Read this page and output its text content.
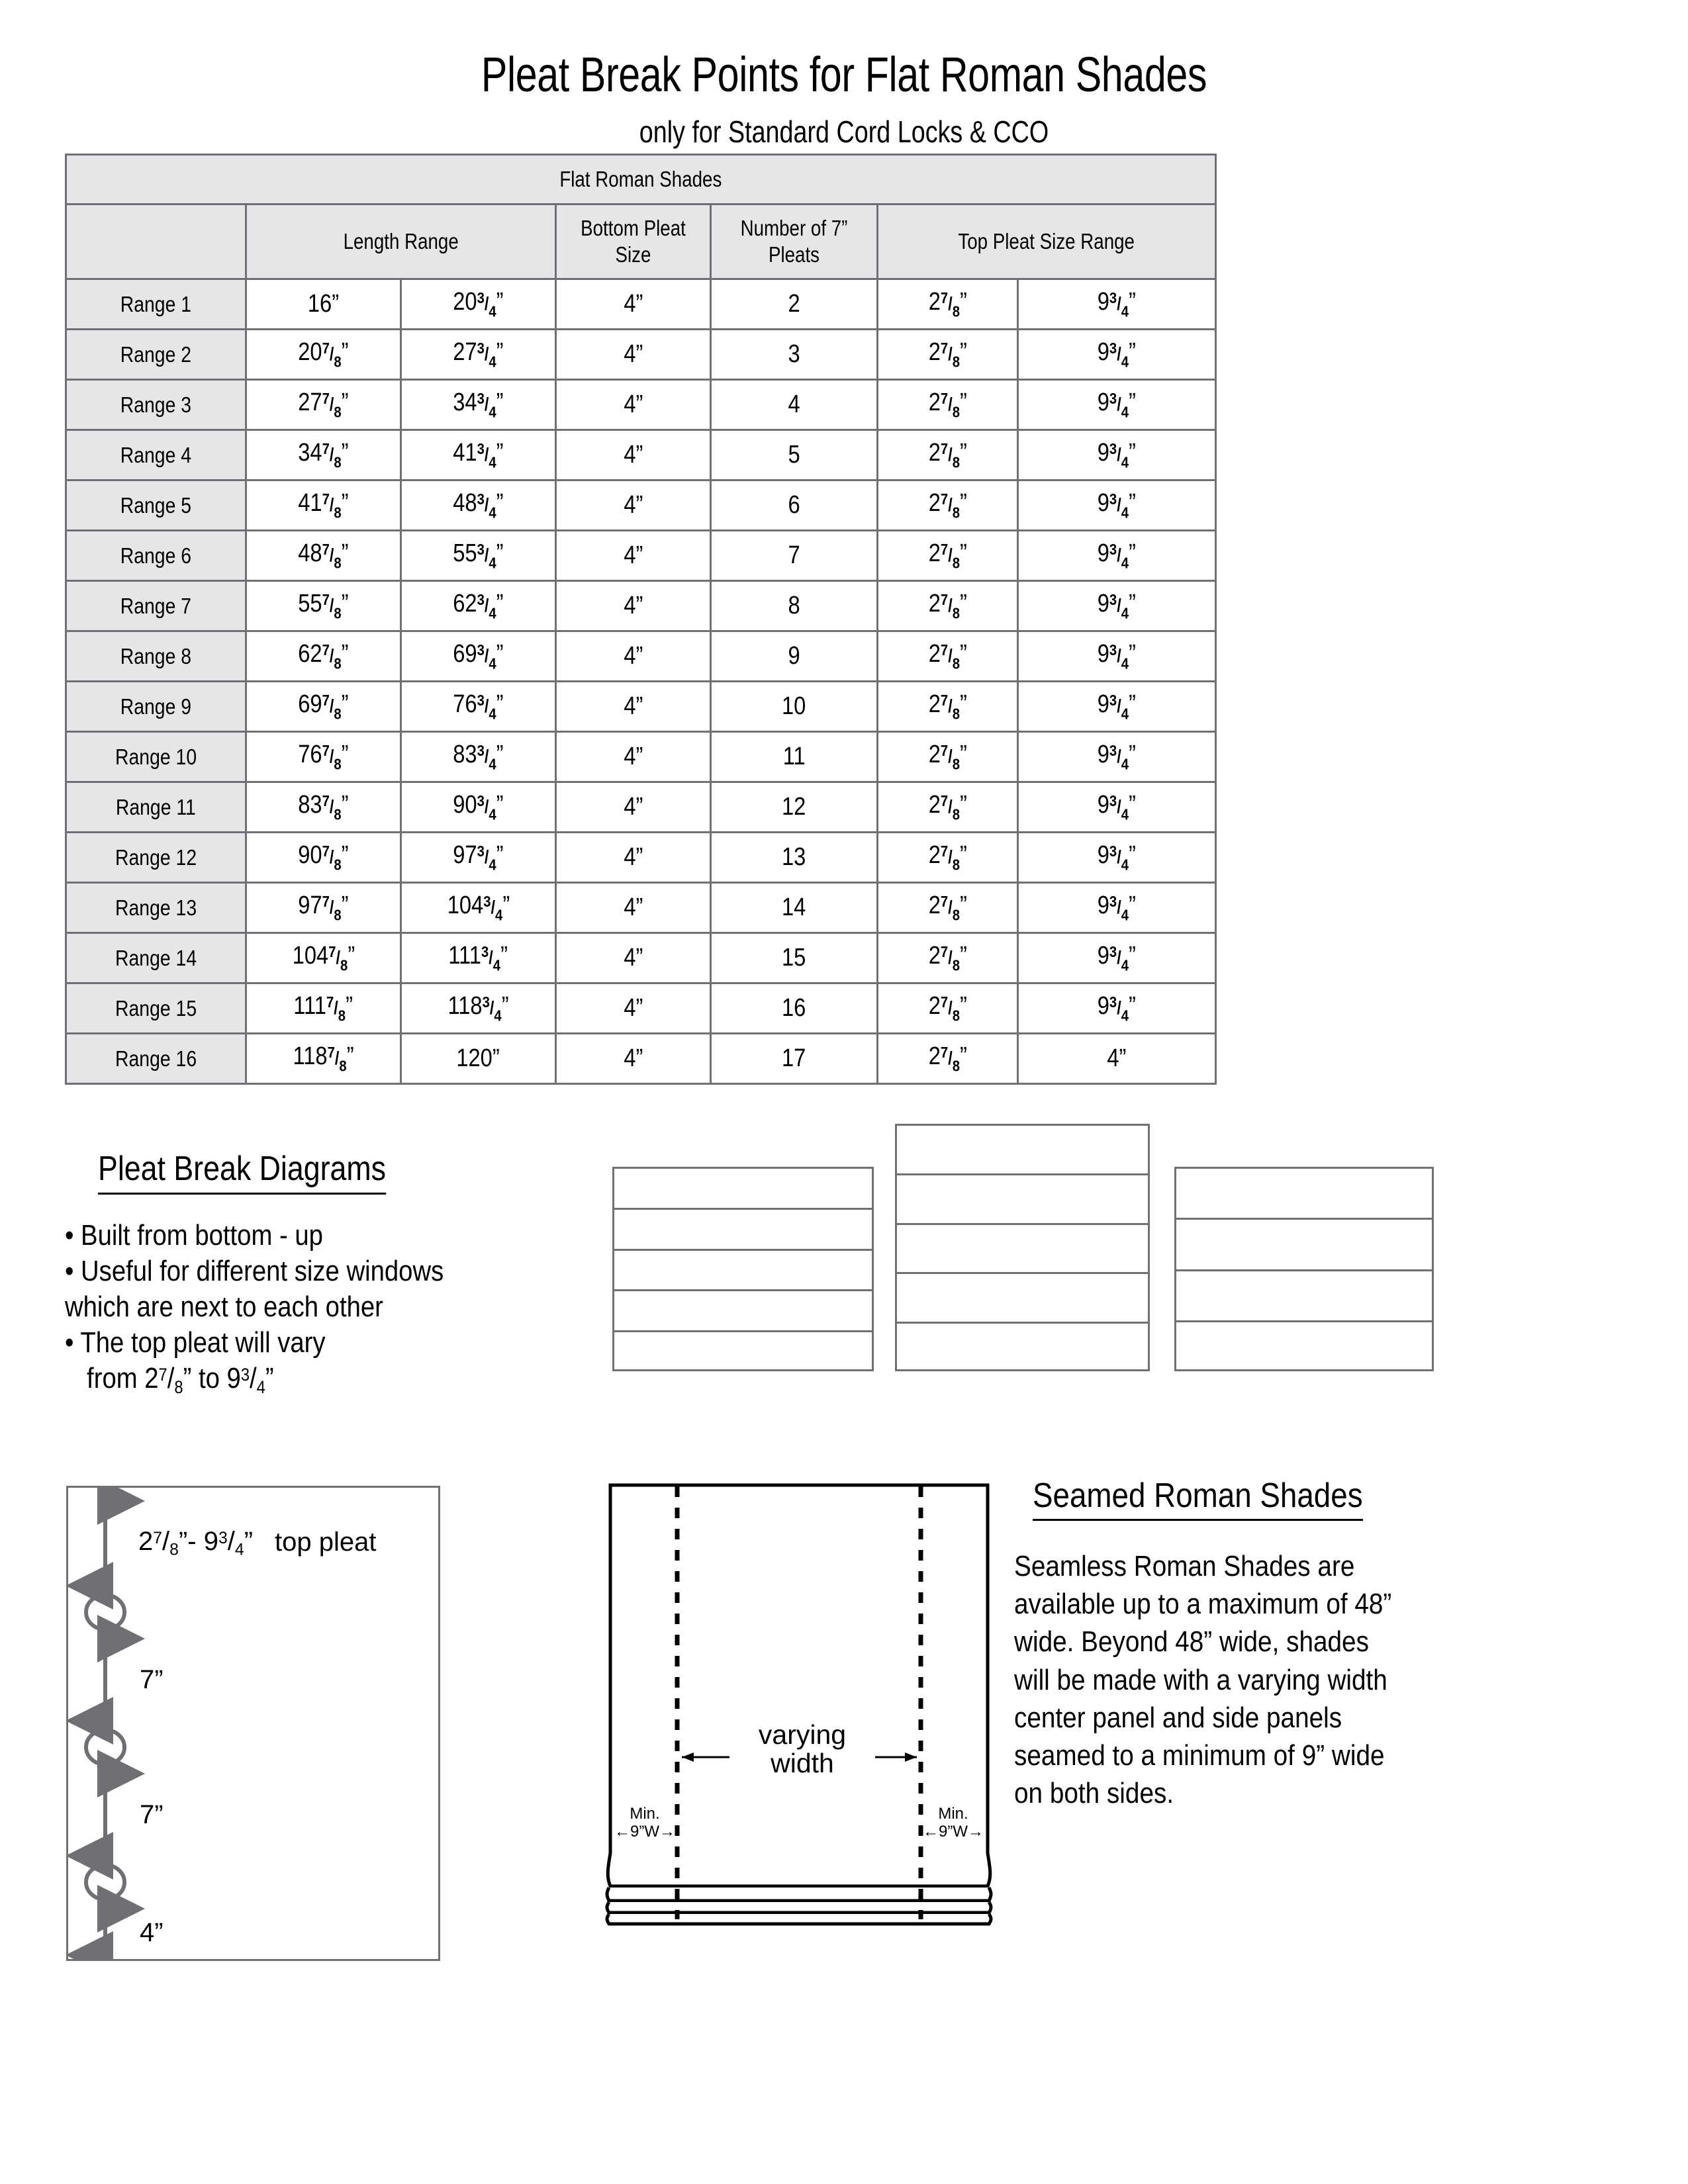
Pleat Break Points for Flat Roman Shades
only for Standard Cord Locks & CCO
Flat Roman Shades						
	Length Range		Bottom Pleat Size	Number of 7” Pleats	Top Pleat Size Range	
Range 1	16”	$20^3/_4$”	4”	2	$2^7/_8$”	$9^3/_4$”
Range 2	$20^7/_8$”	$27^3/_4$”	4”	3	$2^7/_8$”	$9^3/_4$”
Range 3	$27^7/_8$”	$34^3/_4$”	4”	4	$2^7/_8$”	$9^3/_4$”
Range 4	$34^7/_8$”	$41^3/_4$”	4”	5	$2^7/_8$”	$9^3/_4$”
Range 5	$41^7/_8$”	$48^3/_4$”	4”	6	$2^7/_8$”	$9^3/_4$”
Range 6	$48^7/_8$”	$55^3/_4$”	4”	7	$2^7/_8$”	$9^3/_4$”
Range 7	$55^7/_8$”	$62^3/_4$”	4”	8	$2^7/_8$”	$9^3/_4$”
Range 8	$62^7/_8$”	$69^3/_4$”	4”	9	$2^7/_8$”	$9^3/_4$”
Range 9	$69^7/_8$”	$76^3/_4$”	4”	10	$2^7/_8$”	$9^3/_4$”
Range 10	$76^7/_8$”	$83^3/_4$”	4”	11	$2^7/_8$”	$9^3/_4$”
Range 11	$83^7/_8$”	$90^3/_4$”	4”	12	$2^7/_8$”	$9^3/_4$”
Range 12	$90^7/_8$”	$97^3/_4$”	4”	13	$2^7/_8$”	$9^3/_4$”
Range 13	$97^7/_8$”	$104^3/_4$”	4”	14	$2^7/_8$”	$9^3/_4$”
Range 14	$104^7/_8$”	$111^3/_4$”	4”	15	$2^7/_8$”	$9^3/_4$”
Range 15	$111^7/_8$”	$118^3/_4$”	4”	16	$2^7/_8$”	$9^3/_4$”
Range 16	$118^7/_8$”	120”	4”	17	$2^7/_8$”	4”
Pleat Break Diagrams
• Built from bottom - up
• Useful for different size windows
which are next to each other
• The top pleat will vary
from $2^7/_8$” to $9^3/_4$”
$2^7/_8”-$ $9^3/_4$” top pleat
7”
7”
4”
varying
width
Min.
←9”W→
Min.
←9”W→
Seamed Roman Shades
Seamless Roman Shades are available up to a maximum of 48” wide. Beyond 48” wide, shades will be made with a varying width center panel and side panels seamed to a minimum of 9” wide on both sides.
